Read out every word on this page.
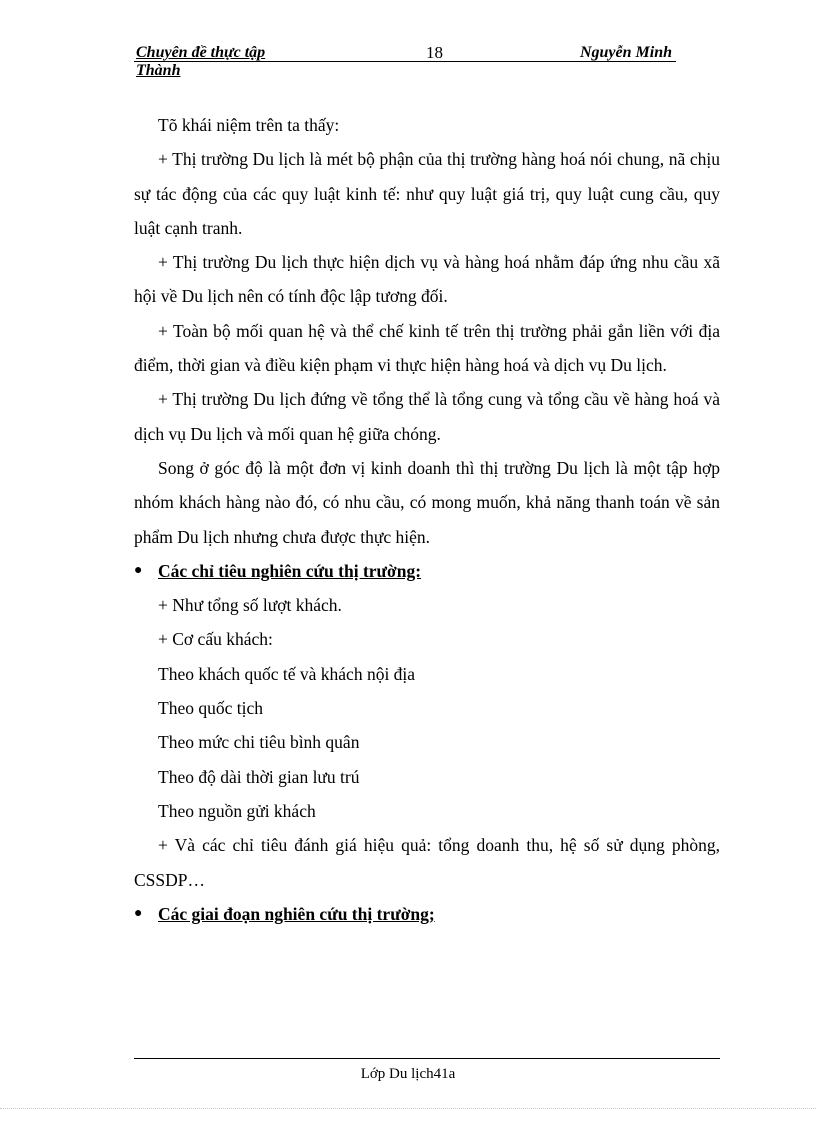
Chuyên đề thực tập	18	Nguyễn Minh
Thành

Tõ khái niệm trên ta thấy:

+ Thị trường Du lịch là mét bộ phận của thị trường hàng hoá nói chung, nã chịu sự tác động của các quy luật kinh tế: như quy luật giá trị, quy luật cung cầu, quy luật cạnh tranh.

+ Thị trường Du lịch thực hiện dịch vụ và hàng hoá nhằm đáp ứng nhu cầu xã hội về Du lịch nên có tính độc lập tương đối.

+ Toàn bộ mối quan hệ và thể chế kinh tế trên thị trường phải gắn liền với địa điểm, thời gian và điều kiện phạm vi thực hiện hàng hoá và dịch vụ Du lịch.

+ Thị trường Du lịch đứng về tổng thể là tổng cung và tổng cầu về hàng hoá và dịch vụ Du lịch và mối quan hệ giữa chóng.

Song ở góc độ là một đơn vị kinh doanh thì thị trường Du lịch là một tập hợp nhóm khách hàng nào đó, có nhu cầu, có mong muốn, khả năng thanh toán về sản phẩm Du lịch nhưng chưa được thực hiện.

● Các chỉ tiêu nghiên cứu thị trường:

+ Như tổng số lượt khách.

+ Cơ cấu khách:

Theo khách quốc tế và khách nội địa

Theo quốc tịch

Theo mức chi tiêu bình quân

Theo độ dài thời gian lưu trú

Theo nguồn gửi khách

+ Và các chỉ tiêu đánh giá hiệu quả: tổng doanh thu, hệ số sử dụng phòng, CSSDP…

● Các giai đoạn nghiên cứu thị trường;
Lớp Du lịch41a
